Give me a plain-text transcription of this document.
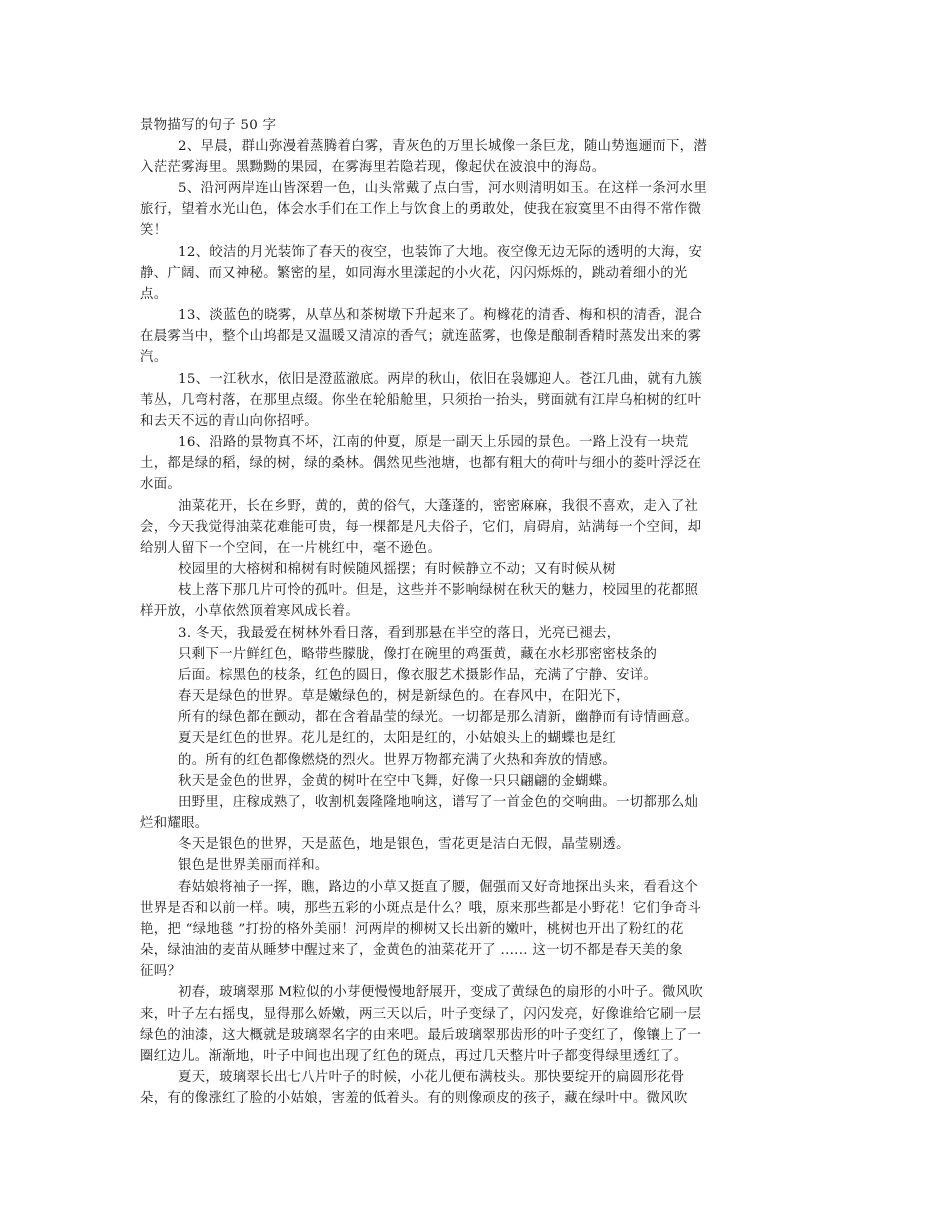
景物描写的句子 50 字
2、早晨，群山弥漫着蒸腾着白雾，青灰色的万里长城像一条巨龙，随山势迤逦而下，潜
入茫茫雾海里。黑黝黝的果园，在雾海里若隐若现，像起伏在波浪中的海岛。
5、沿河两岸连山皆深碧一色，山头常戴了点白雪，河水则清明如玉。在这样一条河水里
旅行，望着水光山色，体会水手们在工作上与饮食上的勇敢处，使我在寂寞里不由得不常作微
笑！
12、皎洁的月光装饰了春天的夜空，也装饰了大地。夜空像无边无际的透明的大海，安
静、广阔、而又神秘。繁密的星，如同海水里漾起的小火花，闪闪烁烁的，跳动着细小的光
点。
13、淡蓝色的晓雾，从草丛和茶树墩下升起来了。枸橼花的清香、梅和枳的清香，混合
在晨雾当中，整个山坞都是又温暖又清凉的香气；就连蓝雾，也像是酿制香精时蒸发出来的雾
汽。
15、一江秋水，依旧是澄蓝澈底。两岸的秋山，依旧在袅娜迎人。苍江几曲，就有九簇
苇丛，几弯村落，在那里点缀。你坐在轮船舱里，只须抬一抬头，劈面就有江岸乌桕树的红叶
和去天不远的青山向你招呼。
16、沿路的景物真不坏，江南的仲夏，原是一副天上乐园的景色。一路上没有一块荒
土，都是绿的稻，绿的树，绿的桑林。偶然见些池塘，也都有粗大的荷叶与细小的菱叶浮泛在
水面。
油菜花开，长在乡野，黄的，黄的俗气，大蓬蓬的，密密麻麻，我很不喜欢，走入了社
会，今天我觉得油菜花难能可贵，每一棵都是凡夫俗子，它们，肩碍肩，站满每一个空间，却
给别人留下一个空间，在一片桃红中，毫不逊色。
校园里的大榕树和棉树有时候随风摇摆；有时候静立不动；又有时候从树
枝上落下那几片可怜的孤叶。但是，这些并不影响绿树在秋天的魅力，校园里的花都照
样开放，小草依然顶着寒风成长着。
3. 冬天，我最爱在树林外看日落，看到那悬在半空的落日，光亮已褪去，
只剩下一片鲜红色，略带些朦胧，像打在碗里的鸡蛋黄，藏在水杉那密密枝条的
后面。棕黑色的枝条，红色的圆日，像衣服艺术摄影作品，充满了宁静、安详。
春天是绿色的世界。草是嫩绿色的，树是新绿色的。在春风中，在阳光下，
所有的绿色都在颤动，都在含着晶莹的绿光。一切都是那么清新，幽静而有诗情画意。
夏天是红色的世界。花儿是红的，太阳是红的，小姑娘头上的蝴蝶也是红
的。所有的红色都像燃烧的烈火。世界万物都充满了火热和奔放的情感。
秋天是金色的世界，金黄的树叶在空中飞舞，好像一只只翩翩的金蝴蝶。
田野里，庄稼成熟了，收割机轰隆隆地响这，谱写了一首金色的交响曲。一切都那么灿
烂和耀眼。
冬天是银色的世界，天是蓝色，地是银色，雪花更是洁白无假，晶莹剔透。
银色是世界美丽而祥和。
春姑娘将袖子一挥，瞧，路边的小草又挺直了腰，倔强而又好奇地探出头来，看看这个
世界是否和以前一样。咦，那些五彩的小斑点是什么？哦，原来那些都是小野花！它们争奇斗
艳，把 “绿地毯 ”打扮的格外美丽！河两岸的柳树又长出新的嫩叶，桃树也开出了粉红的花
朵，绿油油的麦苗从睡梦中醒过来了，金黄色的油菜花开了 ...... 这一切不都是春天美的象
征吗？
初春，玻璃翠那 M粒似的小芽便慢慢地舒展开，变成了黄绿色的扇形的小叶子。微风吹
来，叶子左右摇曳，显得那么娇嫩，两三天以后，叶子变绿了，闪闪发亮，好像谁给它刷一层
绿色的油漆，这大概就是玻璃翠名字的由来吧。最后玻璃翠那齿形的叶子变红了，像镶上了一
圈红边儿。渐渐地，叶子中间也出现了红色的斑点，再过几天整片叶子都变得绿里透红了。
夏天，玻璃翠长出七八片叶子的时候，小花儿便布满枝头。那快要绽开的扁圆形花骨
朵，有的像涨红了脸的小姑娘，害羞的低着头。有的则像顽皮的孩子，藏在绿叶中。微风吹
